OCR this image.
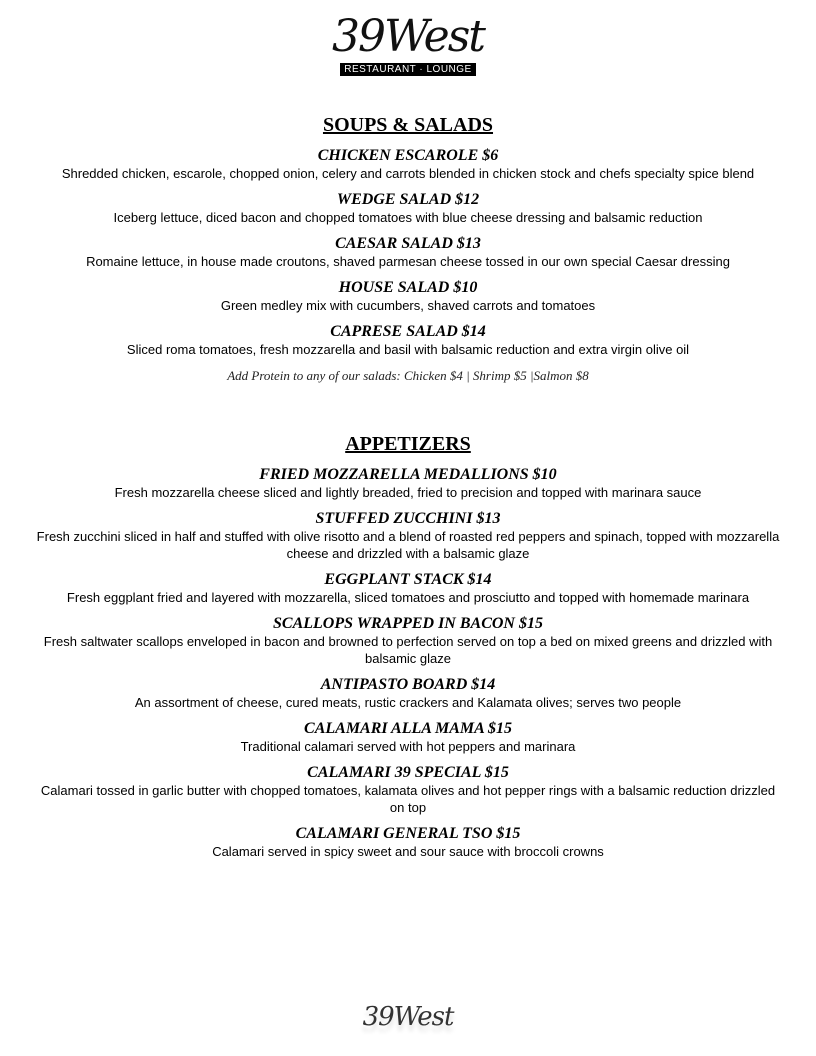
39West
RESTAURANT · LOUNGE
SOUPS & SALADS

CHICKEN ESCAROLE $6

Shredded chicken, escarole, chopped onion, celery and carrots blended in chicken stock and chefs specialty spice blend

WEDGE SALAD $12

Iceberg lettuce, diced bacon and chopped tomatoes with blue cheese dressing and balsamic reduction

CAESAR SALAD $13

Romaine lettuce, in house made croutons, shaved parmesan cheese tossed in our own special Caesar dressing

HOUSE SALAD $10

Green medley mix with cucumbers, shaved carrots and tomatoes

CAPRESE SALAD $14

Sliced roma tomatoes, fresh mozzarella and basil with balsamic reduction and extra virgin olive oil

Add Protein to any of our salads: Chicken $4 | Shrimp $5 |Salmon $8
APPETIZERS

FRIED MOZZARELLA MEDALLIONS $10

Fresh mozzarella cheese sliced and lightly breaded, fried to precision and topped with marinara sauce

STUFFED ZUCCHINI $13

Fresh zucchini sliced in half and stuffed with olive risotto and a blend of roasted red peppers and spinach, topped with mozzarella cheese and drizzled with a balsamic glaze

EGGPLANT STACK $14

Fresh eggplant fried and layered with mozzarella, sliced tomatoes and prosciutto and topped with homemade marinara

SCALLOPS WRAPPED IN BACON $15

Fresh saltwater scallops enveloped in bacon and browned to perfection served on top a bed on mixed greens and drizzled with balsamic glaze

ANTIPASTO BOARD $14

An assortment of cheese, cured meats, rustic crackers and Kalamata olives; serves two people

CALAMARI ALLA MAMA $15

Traditional calamari served with hot peppers and marinara

CALAMARI 39 SPECIAL $15

Calamari tossed in garlic butter with chopped tomatoes, kalamata olives and hot pepper rings with a balsamic reduction drizzled on top

CALAMARI GENERAL TSO $15

Calamari served in spicy sweet and sour sauce with broccoli crowns

39West
